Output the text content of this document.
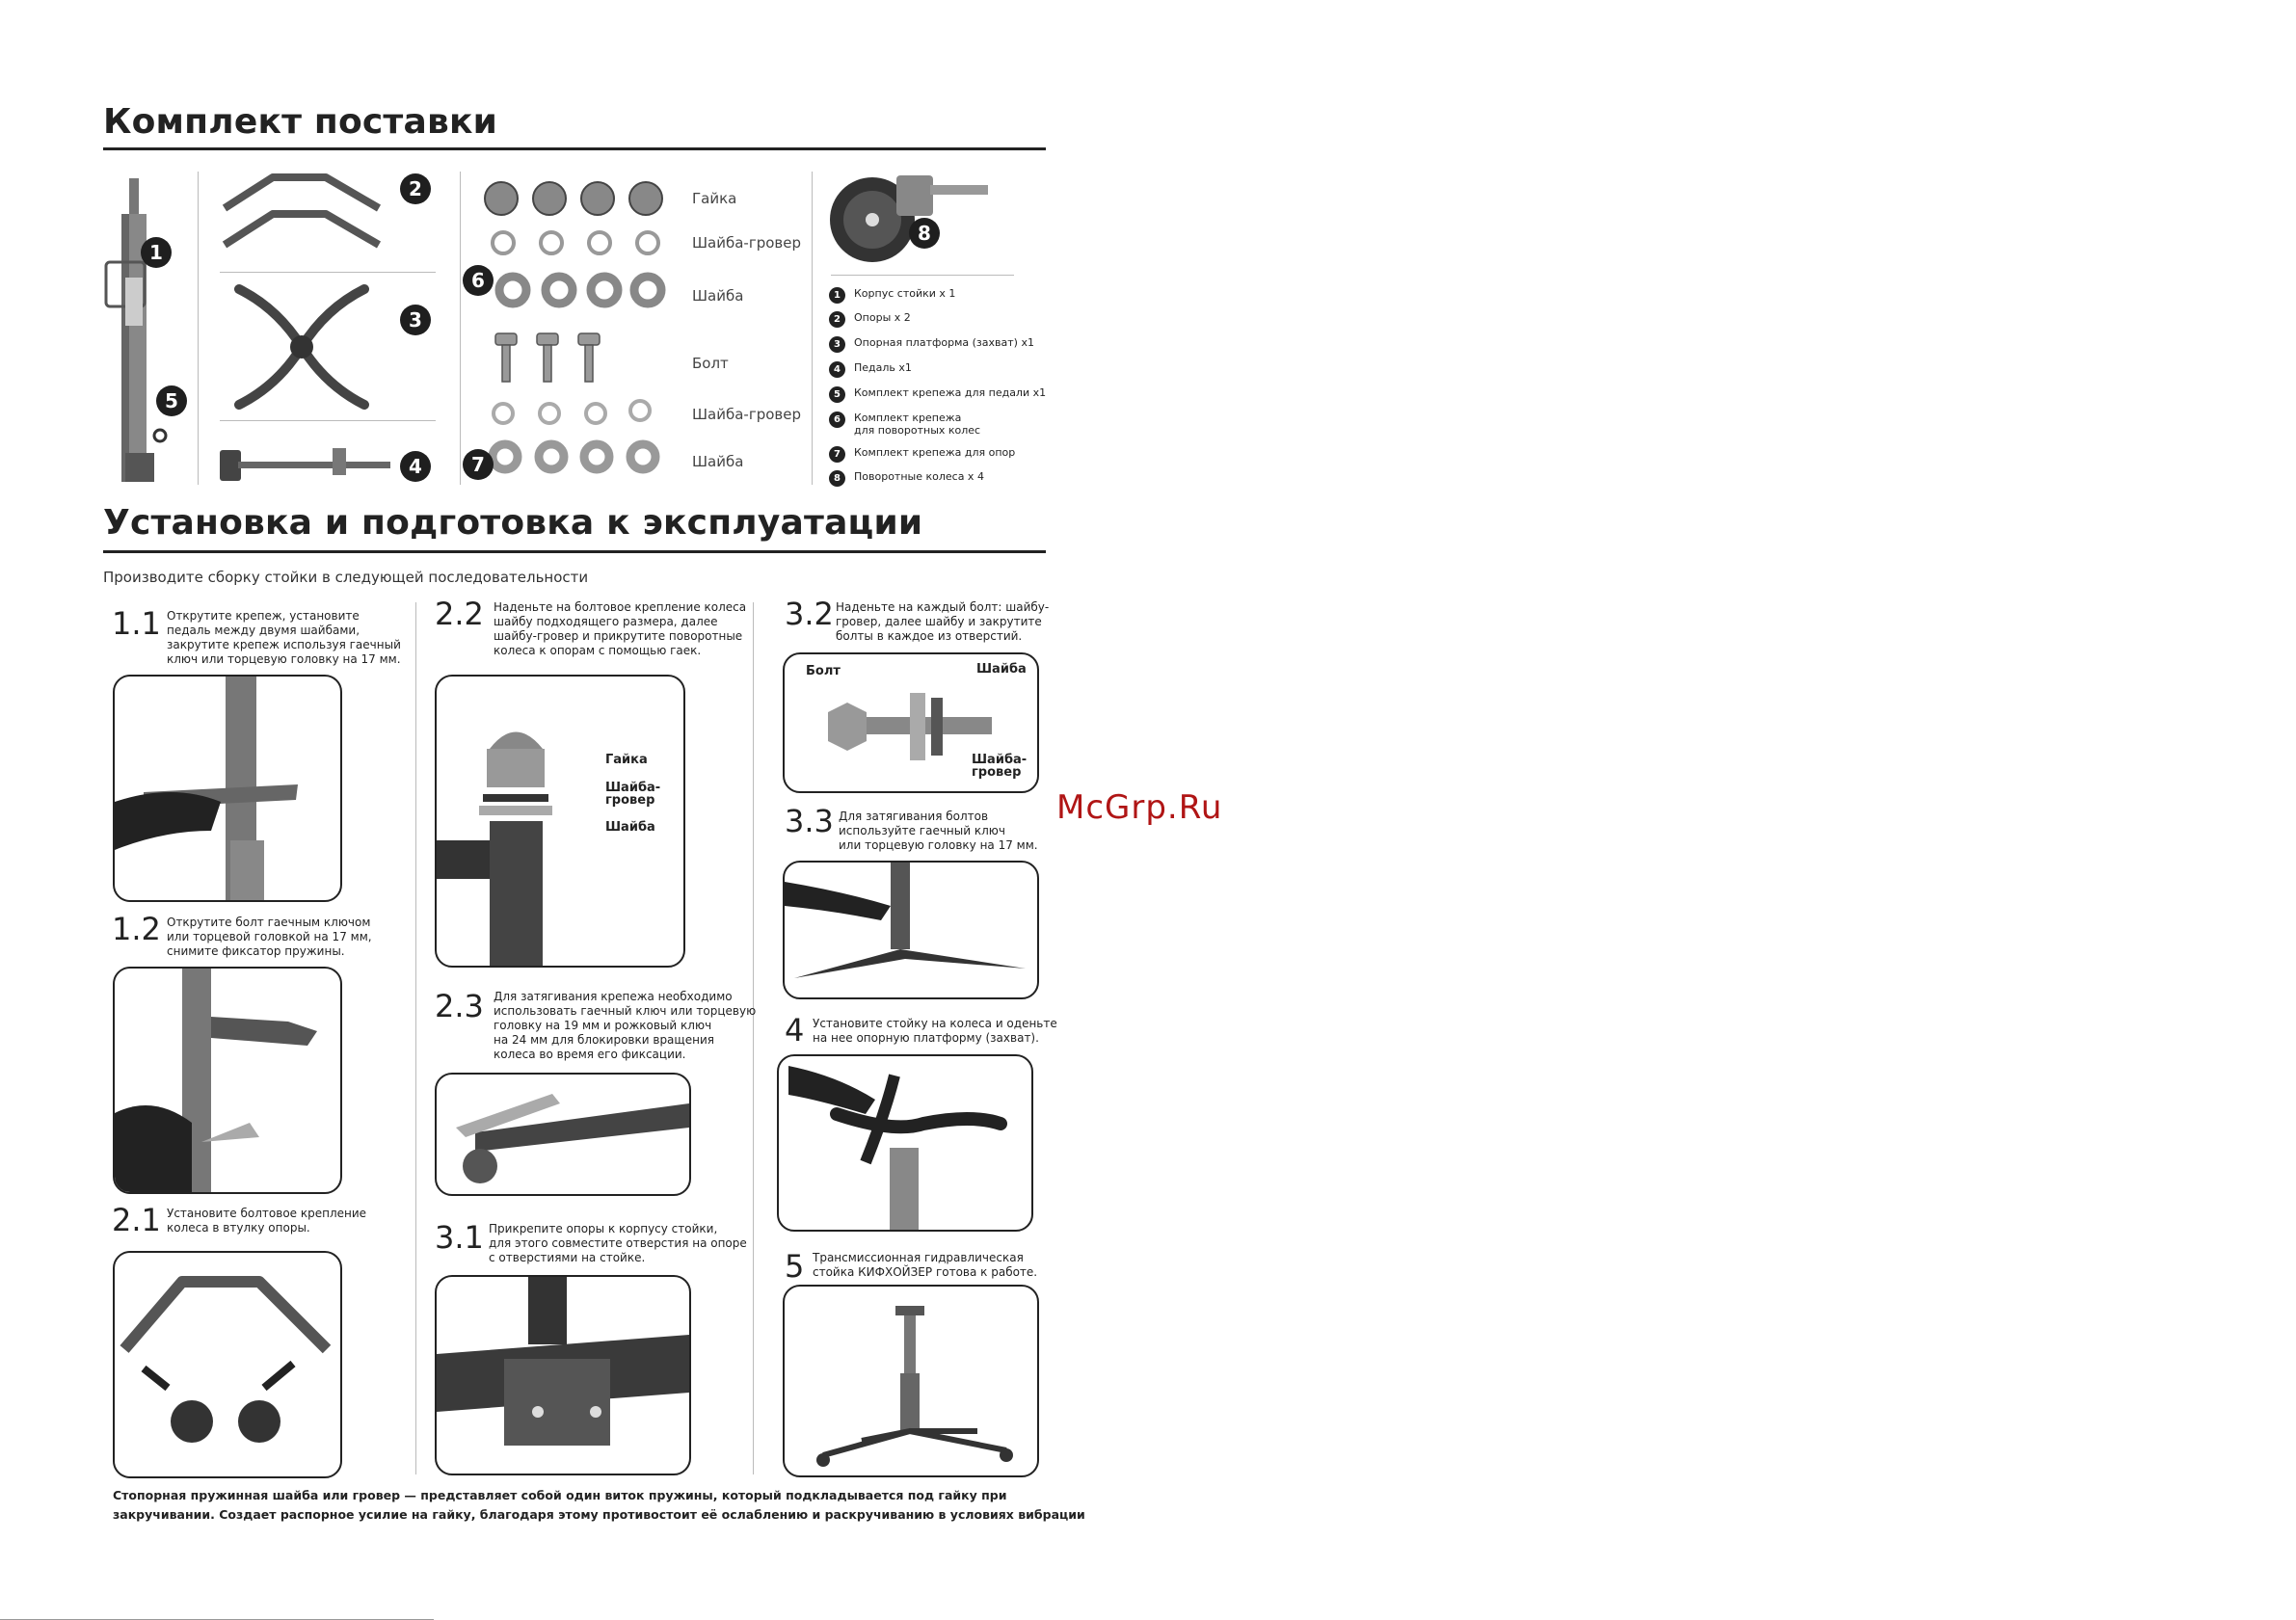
Комплект поставки
1
5
2
3
4
6
7
Гайка
Шайба-гровер
Шайба
Болт
Шайба-гровер
Шайба
8
1	Корпус стойки х 1
2	Опоры х 2
3	Опорная платформа (захват) х1
4	Педаль х1
5	Комплект крепежа для педали х1
6	Комплект крепежа
для поворотных колес
7	Комплект крепежа для опор
8	Поворотные колеса х 4
Установка и подготовка к эксплуатации
Производите сборку стойки в следующей последовательности
1.1 Открутите крепеж, установите
педаль между двумя шайбами,
закрутите крепеж используя гаечный
ключ или торцевую головку на 17 мм.
1.2 Открутите болт гаечным ключом
или торцевой головкой на 17 мм,
снимите фиксатор пружины.
2.1 Установите болтовое крепление
колеса в втулку опоры.
2.2 Наденьте на болтовое крепление колеса
шайбу подходящего размера, далее
шайбу-гровер и прикрутите поворотные
колеса к опорам с помощью гаек.
Гайка
Шайба-
гровер
Шайба
2.3 Для затягивания крепежа необходимо
использовать гаечный ключ или торцевую
головку на 19 мм и рожковый ключ
на 24 мм для блокировки вращения
колеса во время его фиксации.
3.1 Прикрепите опоры к корпусу стойки,
для этого совместите отверстия на опоре
с отверстиями на стойке.
3.2 Наденьте на каждый болт: шайбу-
гровер, далее шайбу и закрутите
болты в каждое из отверстий.
Болт	Шайба
Шайба-
гровер
3.3 Для затягивания болтов
используйте гаечный ключ
или торцевую головку на 17 мм.
4 Установите стойку на колеса и оденьте
на нее опорную платформу (захват).
5 Трансмиссионная гидравлическая
стойка КИФХОЙЗЕР готова к работе.
Стопорная пружинная шайба или гровер — представляет собой один виток пружины, который подкладывается под гайку при
закручивании. Создает распорное усилие на гайку, благодаря этому противостоит её ослаблению и раскручиванию в условиях вибрации
McGrp.Ru
